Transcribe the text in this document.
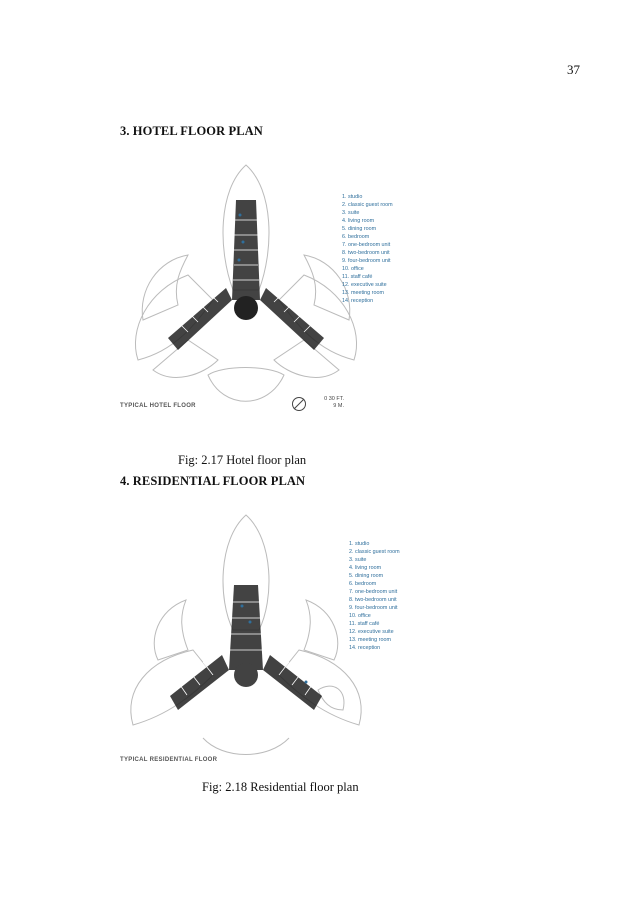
37
3. HOTEL FLOOR PLAN
1. studio
2. classic guest room
3. suite
4. living room
5. dining room
6. bedroom
7. one-bedroom unit
8. two-bedroom unit
9. four-bedroom unit
10. office
11. staff café
12. executive suite
13. meeting room
14. reception
TYPICAL HOTEL FLOOR
0 30 FT.
9 M.
Fig: 2.17 Hotel floor plan
4. RESIDENTIAL FLOOR PLAN
1. studio
2. classic guest room
3. suite
4. living room
5. dining room
6. bedroom
7. one-bedroom unit
8. two-bedroom unit
9. four-bedroom unit
10. office
11. staff café
12. executive suite
13. meeting room
14. reception
TYPICAL RESIDENTIAL FLOOR
Fig: 2.18 Residential floor plan
